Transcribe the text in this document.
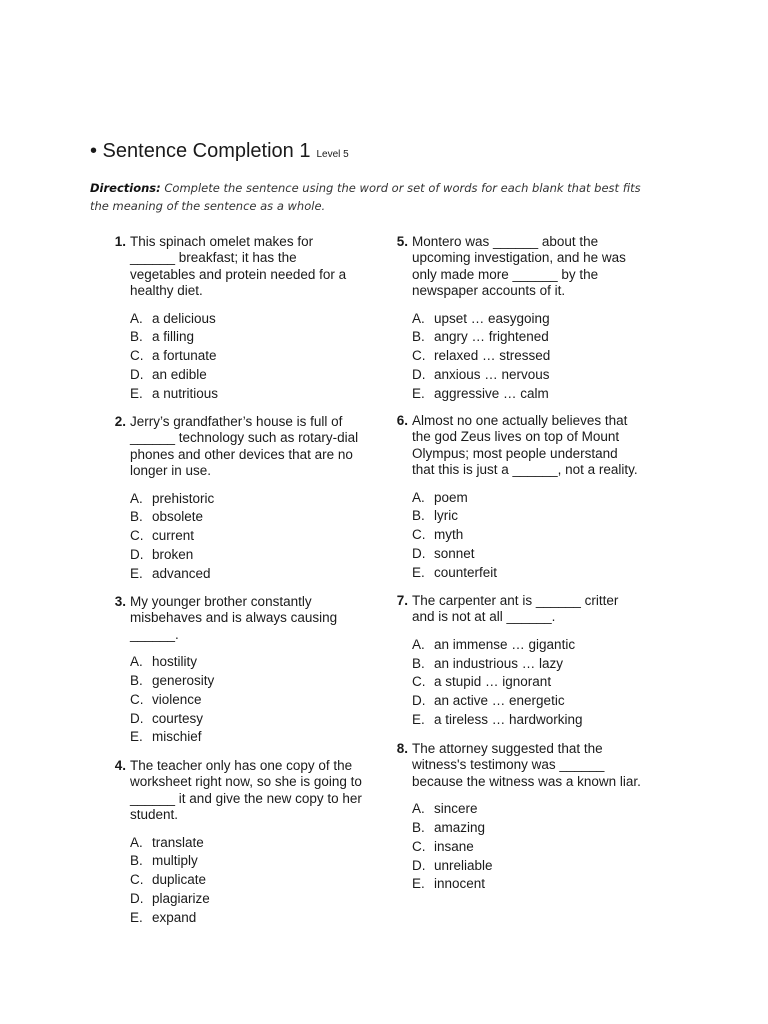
• Sentence Completion 1 Level 5
Directions: Complete the sentence using the word or set of words for each blank that best fits the meaning of the sentence as a whole.
1. This spinach omelet makes for ______ breakfast; it has the vegetables and protein needed for a healthy diet.

A. a delicious
B. a filling
C. a fortunate
D. an edible
E. a nutritious
2. Jerry’s grandfather’s house is full of ______ technology such as rotary-dial phones and other devices that are no longer in use.

A. prehistoric
B. obsolete
C. current
D. broken
E. advanced
3. My younger brother constantly misbehaves and is always causing ______.

A. hostility
B. generosity
C. violence
D. courtesy
E. mischief
4. The teacher only has one copy of the worksheet right now, so she is going to ______ it and give the new copy to her student.

A. translate
B. multiply
C. duplicate
D. plagiarize
E. expand
5. Montero was ______ about the upcoming investigation, and he was only made more ______ by the newspaper accounts of it.

A. upset … easygoing
B. angry … frightened
C. relaxed … stressed
D. anxious … nervous
E. aggressive … calm
6. Almost no one actually believes that the god Zeus lives on top of Mount Olympus; most people understand that this is just a ______, not a reality.

A. poem
B. lyric
C. myth
D. sonnet
E. counterfeit
7. The carpenter ant is ______ critter and is not at all ______.

A. an immense … gigantic
B. an industrious … lazy
C. a stupid … ignorant
D. an active … energetic
E. a tireless … hardworking
8. The attorney suggested that the witness's testimony was ______ because the witness was a known liar.

A. sincere
B. amazing
C. insane
D. unreliable
E. innocent
